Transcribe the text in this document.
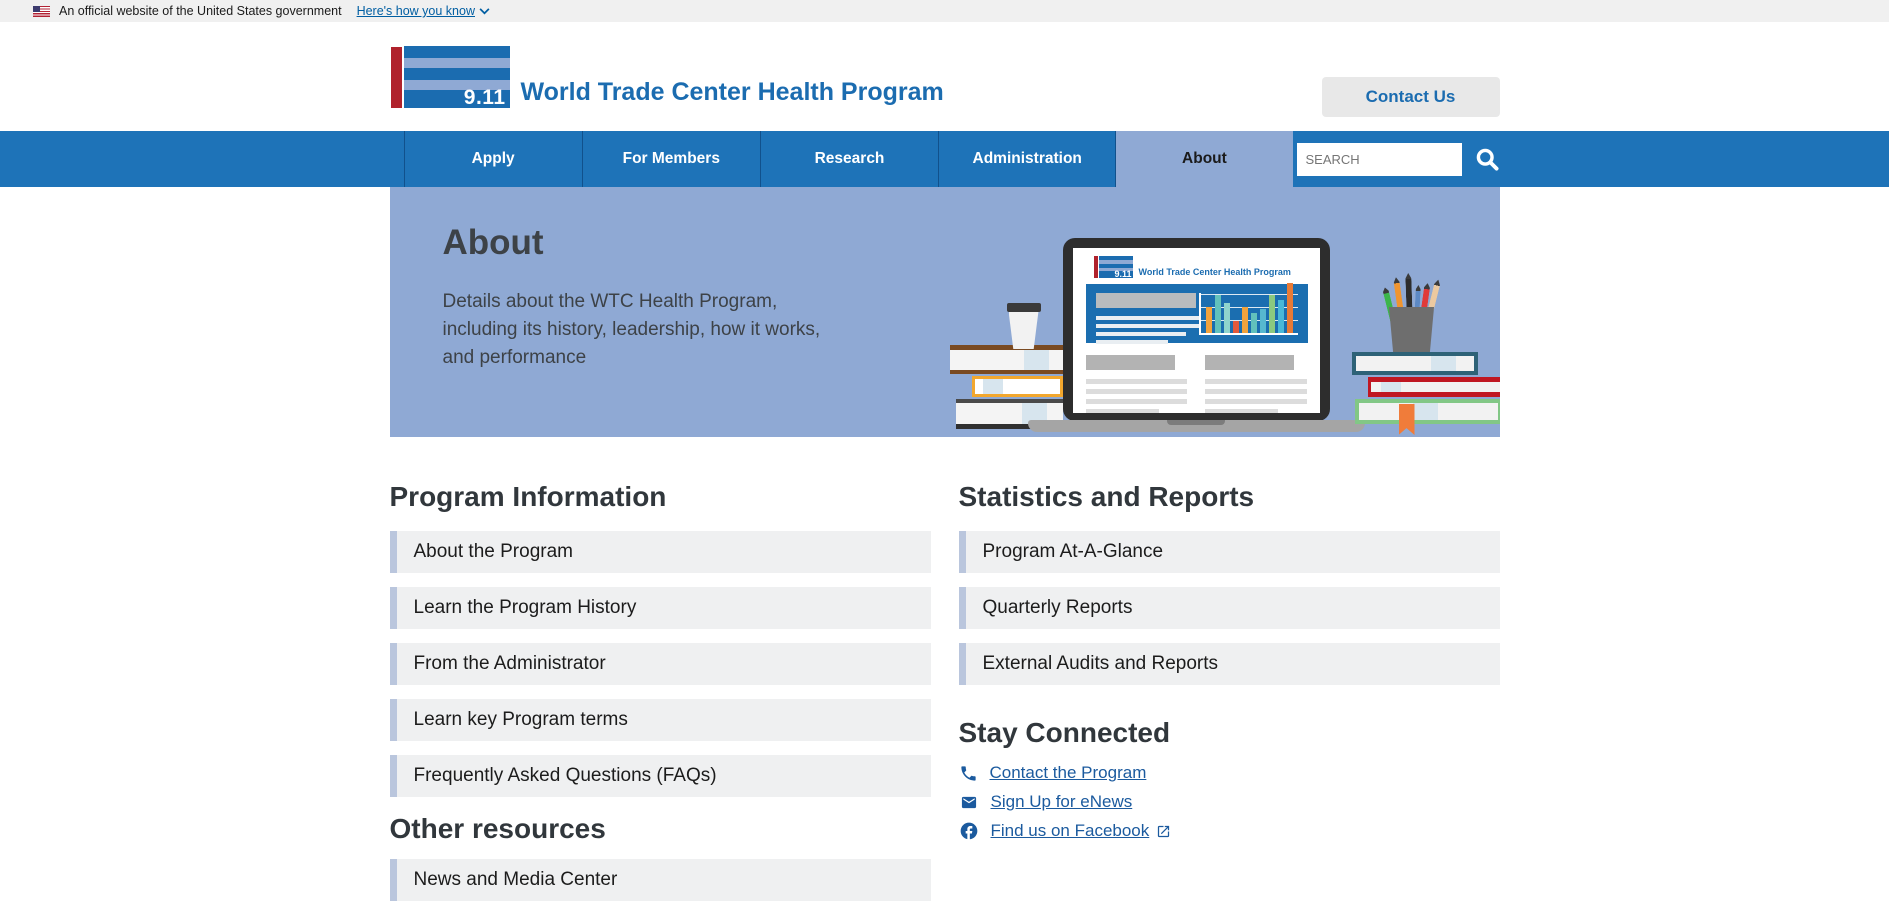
An official website of the United States government Here's how you know
9.11 World Trade Center Health Program	Contact Us
Apply	For Members	Research	Administration	About
SEARCH
About

Details about the WTC Health Program, including its history, leadership, how it works, and performance

9.11 World Trade Center Health Program
Program Information
About the Program
Learn the Program History
From the Administrator
Learn key Program terms
Frequently Asked Questions (FAQs)
Other resources
News and Media Center
Statistics and Reports
Program At-A-Glance
Quarterly Reports
External Audits and Reports
Stay Connected
Contact the Program
Sign Up for eNews
Find us on Facebook
